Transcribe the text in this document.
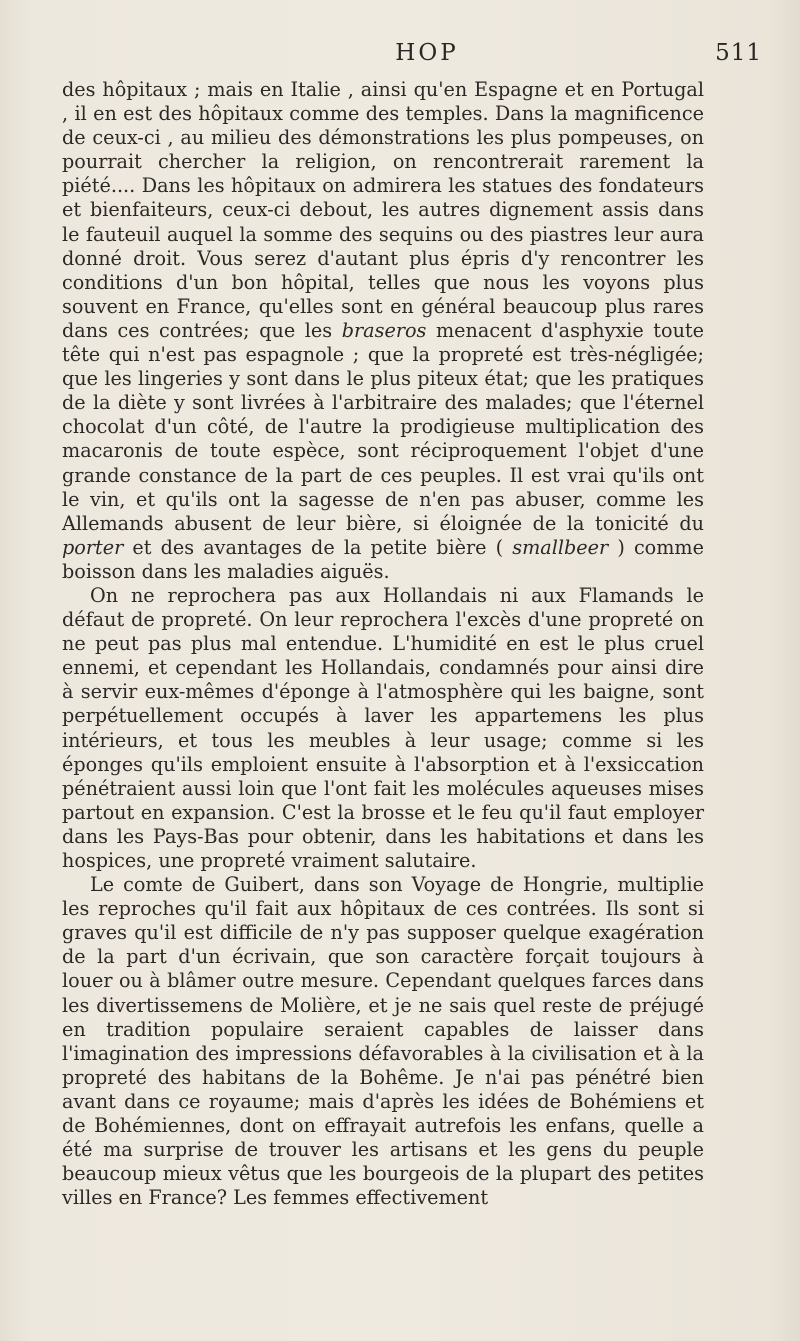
HOP	511

des hôpitaux ; mais en Italie , ainsi qu'en Espagne et en Portugal , il en est des hôpitaux comme des temples. Dans la magnificence de ceux-ci , au milieu des démonstrations les plus pompeuses, on pourrait chercher la religion, on rencontrerait rarement la piété.... Dans les hôpitaux on admirera les statues des fondateurs et bienfaiteurs, ceux-ci debout, les autres dignement assis dans le fauteuil auquel la somme des sequins ou des piastres leur aura donné droit. Vous serez d'autant plus épris d'y rencontrer les conditions d'un bon hôpital, telles que nous les voyons plus souvent en France, qu'elles sont en général beaucoup plus rares dans ces contrées; que les braseros menacent d'asphyxie toute tête qui n'est pas espagnole ; que la propreté est très-négligée; que les lingeries y sont dans le plus piteux état; que les pratiques de la diète y sont livrées à l'arbitraire des malades; que l'éternel chocolat d'un côté, de l'autre la prodigieuse multiplication des macaronis de toute espèce, sont réciproquement l'objet d'une grande constance de la part de ces peuples. Il est vrai qu'ils ont le vin, et qu'ils ont la sagesse de n'en pas abuser, comme les Allemands abusent de leur bière, si éloignée de la tonicité du porter et des avantages de la petite bière ( smallbeer ) comme boisson dans les maladies aiguës.

On ne reprochera pas aux Hollandais ni aux Flamands le défaut de propreté. On leur reprochera l'excès d'une propreté on ne peut pas plus mal entendue. L'humidité en est le plus cruel ennemi, et cependant les Hollandais, condamnés pour ainsi dire à servir eux-mêmes d'éponge à l'atmosphère qui les baigne, sont perpétuellement occupés à laver les appartemens les plus intérieurs, et tous les meubles à leur usage; comme si les éponges qu'ils emploient ensuite à l'absorption et à l'exsiccation pénétraient aussi loin que l'ont fait les molécules aqueuses mises partout en expansion. C'est la brosse et le feu qu'il faut employer dans les Pays-Bas pour obtenir, dans les habitations et dans les hospices, une propreté vraiment salutaire.

Le comte de Guibert, dans son Voyage de Hongrie, multiplie les reproches qu'il fait aux hôpitaux de ces contrées. Ils sont si graves qu'il est difficile de n'y pas supposer quelque exagération de la part d'un écrivain, que son caractère forçait toujours à louer ou à blâmer outre mesure. Cependant quelques farces dans les divertissemens de Molière, et je ne sais quel reste de préjugé en tradition populaire seraient capables de laisser dans l'imagination des impressions défavorables à la civilisation et à la propreté des habitans de la Bohême. Je n'ai pas pénétré bien avant dans ce royaume; mais d'après les idées de Bohémiens et de Bohémiennes, dont on effrayait autrefois les enfans, quelle a été ma surprise de trouver les artisans et les gens du peuple beaucoup mieux vêtus que les bourgeois de la plupart des petites villes en France? Les femmes effectivement
